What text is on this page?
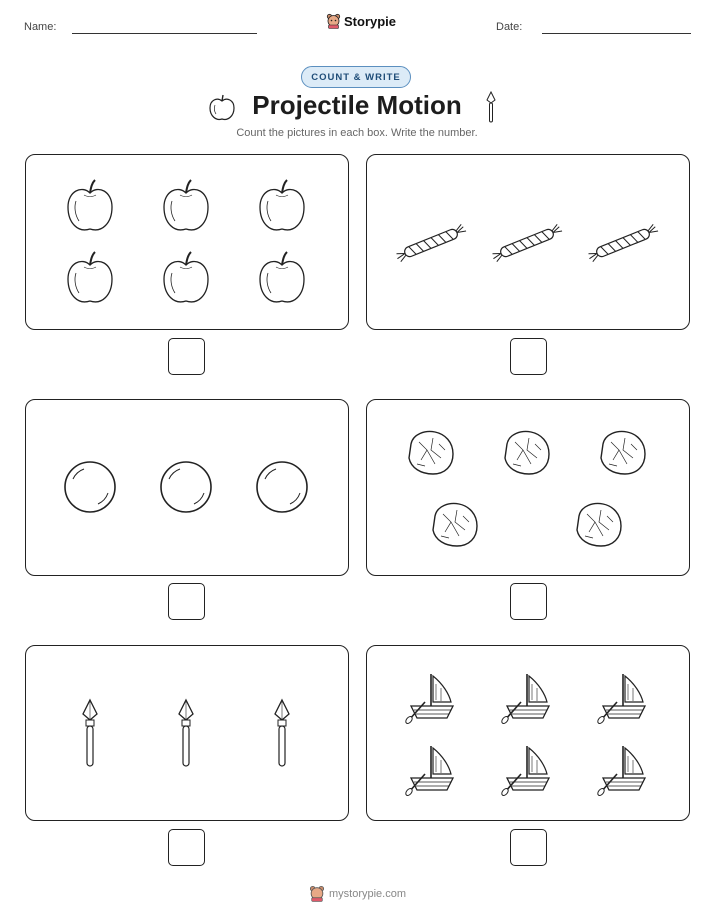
Name:	Storypie	Date:
COUNT & WRITE
Projectile Motion
Count the pictures in each box. Write the number.
mystorypie.com
